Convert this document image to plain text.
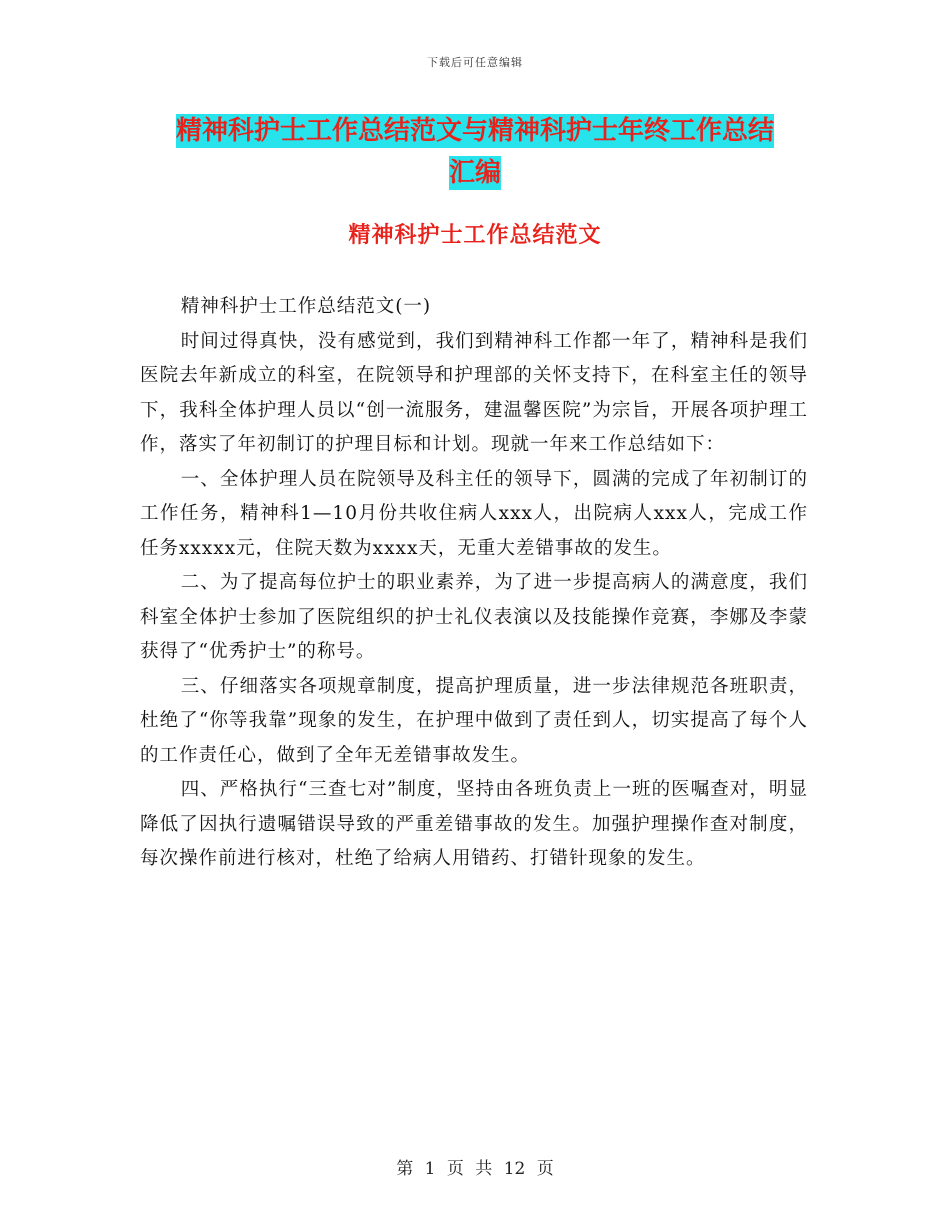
下载后可任意编辑
精神科护士工作总结范文与精神科护士年终工作总结
汇编
精神科护士工作总结范文

精神科护士工作总结范文(一)

时间过得真快，没有感觉到，我们到精神科工作都一年了，精神科是我们医院去年新成立的科室，在院领导和护理部的关怀支持下，在科室主任的领导下，我科全体护理人员以“创一流服务，建温馨医院”为宗旨，开展各项护理工作，落实了年初制订的护理目标和计划。现就一年来工作总结如下：

一、全体护理人员在院领导及科主任的领导下，圆满的完成了年初制订的工作任务，精神科1—10月份共收住病人xxx人，出院病人xxx人，完成工作任务xxxxx元，住院天数为xxxx天，无重大差错事故的发生。

二、为了提高每位护士的职业素养，为了进一步提高病人的满意度，我们科室全体护士参加了医院组织的护士礼仪表演以及技能操作竞赛，李娜及李蒙获得了“优秀护士”的称号。

三、仔细落实各项规章制度，提高护理质量，进一步法律规范各班职责，杜绝了“你等我靠”现象的发生，在护理中做到了责任到人，切实提高了每个人的工作责任心，做到了全年无差错事故发生。

四、严格执行“三查七对”制度，坚持由各班负责上一班的医嘱查对，明显降低了因执行遗嘱错误导致的严重差错事故的发生。加强护理操作查对制度，每次操作前进行核对，杜绝了给病人用错药、打错针现象的发生。

第 1 页 共 12 页
